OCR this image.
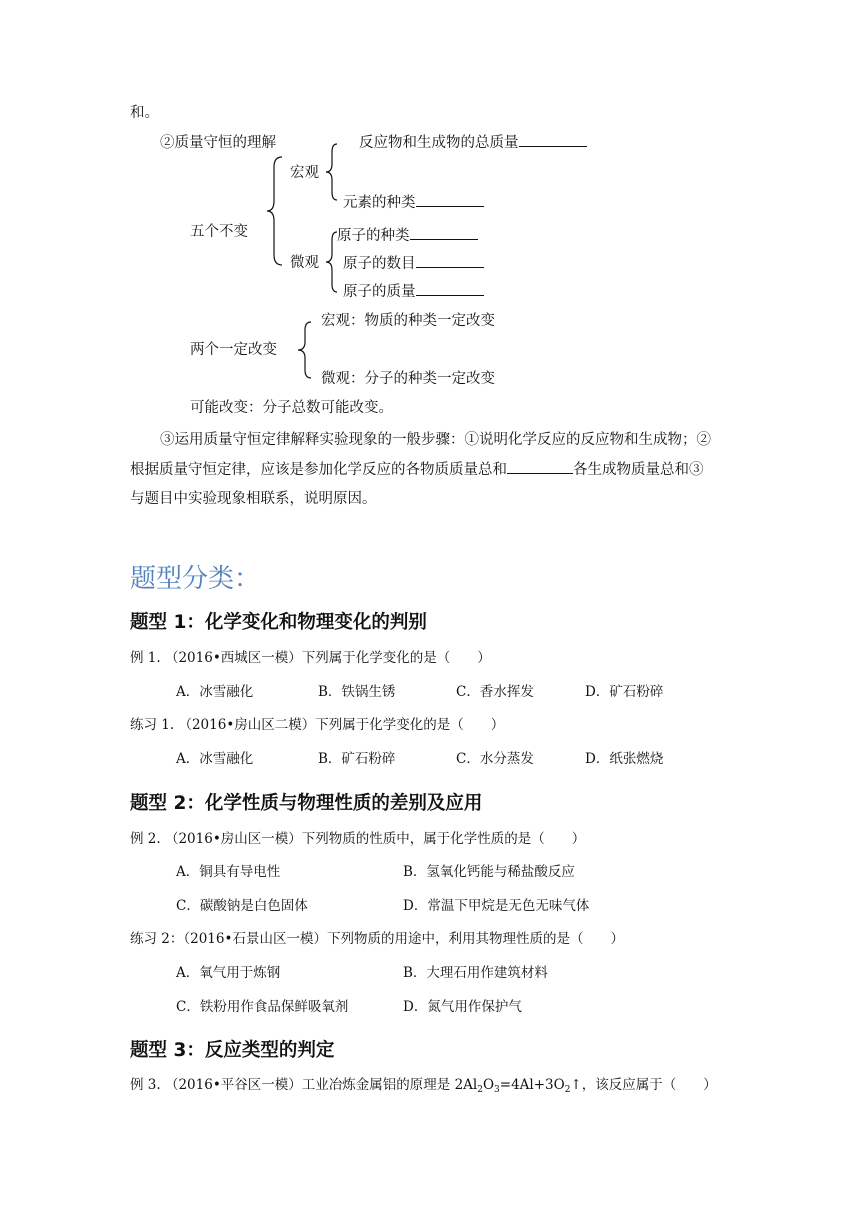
和。
②质量守恒的理解	反应物和生成物的总质量
宏观
元素的种类
五个不变	原子的种类
微观 原子的数目
原子的质量
宏观：物质的种类一定改变
两个一定改变
微观：分子的种类一定改变
可能改变：分子总数可能改变。
③运用质量守恒定律解释实验现象的一般步骤：①说明化学反应的反应物和生成物；②
根据质量守恒定律，应该是参加化学反应的各物质质量总和	各生成物质量总和③
与题目中实验现象相联系，说明原因。
题型分类：
题型 1：化学变化和物理变化的判别
例 1. （2016•西城区一模）下列属于化学变化的是（　　）
A．冰雪融化	B．铁锅生锈	C．香水挥发	D．矿石粉碎
练习 1. （2016•房山区二模）下列属于化学变化的是（　　）
A．冰雪融化	B．矿石粉碎	C．水分蒸发	D．纸张燃烧
题型 2：化学性质与物理性质的差别及应用
例 2. （2016•房山区一模）下列物质的性质中，属于化学性质的是（　　）
A．铜具有导电性	B．氢氧化钙能与稀盐酸反应
C．碳酸钠是白色固体	D．常温下甲烷是无色无味气体
练习 2：（2016•石景山区一模）下列物质的用途中，利用其物理性质的是（　　）
A．氧气用于炼钢	B．大理石用作建筑材料
C．铁粉用作食品保鲜吸氧剂	D．氮气用作保护气
题型 3：反应类型的判定
例 3. （2016•平谷区一模）工业冶炼金属铝的原理是 $2Al_2O_3=4Al+3O_2↑$，该反应属于（　　）
